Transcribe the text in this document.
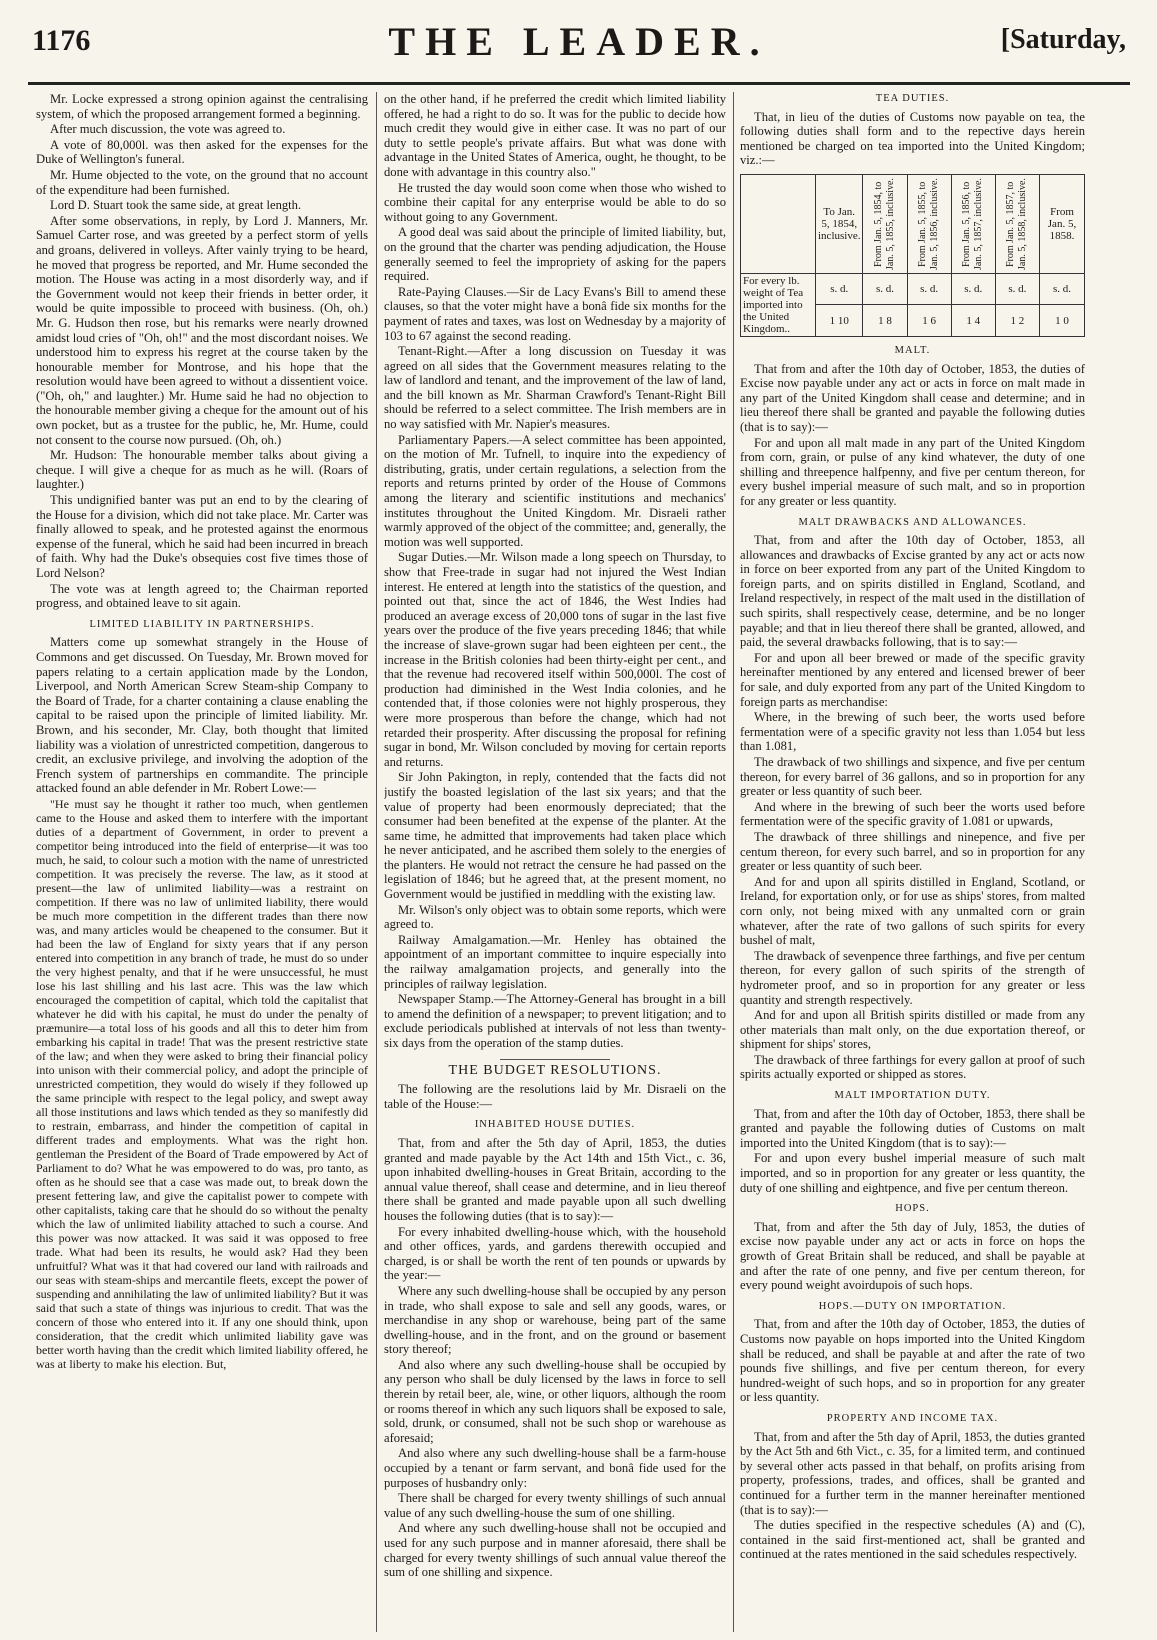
1176	THE LEADER.	[Saturday,

Mr. Locke expressed a strong opinion against the centralising system, of which the proposed arrangement formed a beginning.

After much discussion, the vote was agreed to.

A vote of 80,000l. was then asked for the expenses for the Duke of Wellington's funeral.

Mr. Hume objected to the vote, on the ground that no account of the expenditure had been furnished.

Lord D. Stuart took the same side, at great length.

After some observations, in reply, by Lord J. Manners, Mr. Samuel Carter rose, and was greeted by a perfect storm of yells and groans, delivered in volleys. After vainly trying to be heard, he moved that progress be reported, and Mr. Hume seconded the motion. The House was acting in a most disorderly way, and if the Government would not keep their friends in better order, it would be quite impossible to proceed with business. (Oh, oh.) Mr. G. Hudson then rose, but his remarks were nearly drowned amidst loud cries of "Oh, oh!" and the most discordant noises. We understood him to express his regret at the course taken by the honourable member for Montrose, and his hope that the resolution would have been agreed to without a dissentient voice. ("Oh, oh," and laughter.) Mr. Hume said he had no objection to the honourable member giving a cheque for the amount out of his own pocket, but as a trustee for the public, he, Mr. Hume, could not consent to the course now pursued. (Oh, oh.)

Mr. Hudson: The honourable member talks about giving a cheque. I will give a cheque for as much as he will. (Roars of laughter.)

This undignified banter was put an end to by the clearing of the House for a division, which did not take place. Mr. Carter was finally allowed to speak, and he protested against the enormous expense of the funeral, which he said had been incurred in breach of faith. Why had the Duke's obsequies cost five times those of Lord Nelson?

The vote was at length agreed to; the Chairman reported progress, and obtained leave to sit again.

LIMITED LIABILITY IN PARTNERSHIPS.

Matters come up somewhat strangely in the House of Commons and get discussed. On Tuesday, Mr. Brown moved for papers relating to a certain application made by the London, Liverpool, and North American Screw Steam-ship Company to the Board of Trade, for a charter containing a clause enabling the capital to be raised upon the principle of limited liability. Mr. Brown, and his seconder, Mr. Clay, both thought that limited liability was a violation of unrestricted competition, dangerous to credit, an exclusive privilege, and involving the adoption of the French system of partnerships en commandite. The principle attacked found an able defender in Mr. Robert Lowe:—

"He must say he thought it rather too much, when gentlemen came to the House and asked them to interfere with the important duties of a department of Government, in order to prevent a competitor being introduced into the field of enterprise—it was too much, he said, to colour such a motion with the name of unrestricted competition. It was precisely the reverse. The law, as it stood at present—the law of unlimited liability—was a restraint on competition. If there was no law of unlimited liability, there would be much more competition in the different trades than there now was, and many articles would be cheapened to the consumer. But it had been the law of England for sixty years that if any person entered into competition in any branch of trade, he must do so under the very highest penalty, and that if he were unsuccessful, he must lose his last shilling and his last acre. This was the law which encouraged the competition of capital, which told the capitalist that whatever he did with his capital, he must do under the penalty of præmunire—a total loss of his goods and all this to deter him from embarking his capital in trade! That was the present restrictive state of the law; and when they were asked to bring their financial policy into unison with their commercial policy, and adopt the principle of unrestricted competition, they would do wisely if they followed up the same principle with respect to the legal policy, and swept away all those institutions and laws which tended as they so manifestly did to restrain, embarrass, and hinder the competition of capital in different trades and employments. What was the right hon. gentleman the President of the Board of Trade empowered by Act of Parliament to do? What he was empowered to do was, pro tanto, as often as he should see that a case was made out, to break down the present fettering law, and give the capitalist power to compete with other capitalists, taking care that he should do so without the penalty which the law of unlimited liability attached to such a course. And this power was now attacked. It was said it was opposed to free trade. What had been its results, he would ask? Had they been unfruitful? What was it that had covered our land with railroads and our seas with steam-ships and mercantile fleets, except the power of suspending and annihilating the law of unlimited liability? But it was said that such a state of things was injurious to credit. That was the concern of those who entered into it. If any one should think, upon consideration, that the credit which unlimited liability gave was better worth having than the credit which limited liability offered, he was at liberty to make his election. But,

on the other hand, if he preferred the credit which limited liability offered, he had a right to do so. It was for the public to decide how much credit they would give in either case. It was no part of our duty to settle people's private affairs. But what was done with advantage in the United States of America, ought, he thought, to be done with advantage in this country also."

He trusted the day would soon come when those who wished to combine their capital for any enterprise would be able to do so without going to any Government.

A good deal was said about the principle of limited liability, but, on the ground that the charter was pending adjudication, the House generally seemed to feel the impropriety of asking for the papers required.

Rate-Paying Clauses.—Sir de Lacy Evans's Bill to amend these clauses, so that the voter might have a bonâ fide six months for the payment of rates and taxes, was lost on Wednesday by a majority of 103 to 67 against the second reading.

Tenant-Right.—After a long discussion on Tuesday it was agreed on all sides that the Government measures relating to the law of landlord and tenant, and the improvement of the law of land, and the bill known as Mr. Sharman Crawford's Tenant-Right Bill should be referred to a select committee. The Irish members are in no way satisfied with Mr. Napier's measures.

Parliamentary Papers.—A select committee has been appointed, on the motion of Mr. Tufnell, to inquire into the expediency of distributing, gratis, under certain regulations, a selection from the reports and returns printed by order of the House of Commons among the literary and scientific institutions and mechanics' institutes throughout the United Kingdom. Mr. Disraeli rather warmly approved of the object of the committee; and, generally, the motion was well supported.

Sugar Duties.—Mr. Wilson made a long speech on Thursday, to show that Free-trade in sugar had not injured the West Indian interest. He entered at length into the statistics of the question, and pointed out that, since the act of 1846, the West Indies had produced an average excess of 20,000 tons of sugar in the last five years over the produce of the five years preceding 1846; that while the increase of slave-grown sugar had been eighteen per cent., the increase in the British colonies had been thirty-eight per cent., and that the revenue had recovered itself within 500,000l. The cost of production had diminished in the West India colonies, and he contended that, if those colonies were not highly prosperous, they were more prosperous than before the change, which had not retarded their prosperity. After discussing the proposal for refining sugar in bond, Mr. Wilson concluded by moving for certain reports and returns.

Sir John Pakington, in reply, contended that the facts did not justify the boasted legislation of the last six years; and that the value of property had been enormously depreciated; that the consumer had been benefited at the expense of the planter. At the same time, he admitted that improvements had taken place which he never anticipated, and he ascribed them solely to the energies of the planters. He would not retract the censure he had passed on the legislation of 1846; but he agreed that, at the present moment, no Government would be justified in meddling with the existing law.

Mr. Wilson's only object was to obtain some reports, which were agreed to.

Railway Amalgamation.—Mr. Henley has obtained the appointment of an important committee to inquire especially into the railway amalgamation projects, and generally into the principles of railway legislation.

Newspaper Stamp.—The Attorney-General has brought in a bill to amend the definition of a newspaper; to prevent litigation; and to exclude periodicals published at intervals of not less than twenty-six days from the operation of the stamp duties.

THE BUDGET RESOLUTIONS.

The following are the resolutions laid by Mr. Disraeli on the table of the House:—

INHABITED HOUSE DUTIES.

That, from and after the 5th day of April, 1853, the duties granted and made payable by the Act 14th and 15th Vict., c. 36, upon inhabited dwelling-houses in Great Britain, according to the annual value thereof, shall cease and determine, and in lieu thereof there shall be granted and made payable upon all such dwelling houses the following duties (that is to say):—

For every inhabited dwelling-house which, with the household and other offices, yards, and gardens therewith occupied and charged, is or shall be worth the rent of ten pounds or upwards by the year:—

Where any such dwelling-house shall be occupied by any person in trade, who shall expose to sale and sell any goods, wares, or merchandise in any shop or warehouse, being part of the same dwelling-house, and in the front, and on the ground or basement story thereof;

And also where any such dwelling-house shall be occupied by any person who shall be duly licensed by the laws in force to sell therein by retail beer, ale, wine, or other liquors, although the room or rooms thereof in which any such liquors shall be exposed to sale, sold, drunk, or consumed, shall not be such shop or warehouse as aforesaid;

And also where any such dwelling-house shall be a farm-house occupied by a tenant or farm servant, and bonâ fide used for the purposes of husbandry only:

There shall be charged for every twenty shillings of such annual value of any such dwelling-house the sum of one shilling.

And where any such dwelling-house shall not be occupied and used for any such purpose and in manner aforesaid, there shall be charged for every twenty shillings of such annual value thereof the sum of one shilling and sixpence.

TEA DUTIES.

That, in lieu of the duties of Customs now payable on tea, the following duties shall form and to the repective days herein mentioned be charged on tea imported into the United Kingdom; viz.:—

	To Jan. 5, 1854, inclusive.	From Jan. 5, 1854, to Jan. 5, 1855, inclusive.	From Jan. 5, 1855, to Jan. 5, 1856, inclusive.	From Jan. 5, 1856, to Jan. 5, 1857, inclusive.	From Jan. 5, 1857, to Jan. 5, 1858, inclusive.	From Jan. 5, 1858.
For every lb. weight of Tea imported into the United Kingdom..	s. d.	s. d.	s. d.	s. d.	s. d.	s. d.
	1 10	1 8	1 6	1 4	1 2	1 0
MALT.

That from and after the 10th day of October, 1853, the duties of Excise now payable under any act or acts in force on malt made in any part of the United Kingdom shall cease and determine; and in lieu thereof there shall be granted and payable the following duties (that is to say):—

For and upon all malt made in any part of the United Kingdom from corn, grain, or pulse of any kind whatever, the duty of one shilling and threepence halfpenny, and five per centum thereon, for every bushel imperial measure of such malt, and so in proportion for any greater or less quantity.

MALT DRAWBACKS AND ALLOWANCES.

That, from and after the 10th day of October, 1853, all allowances and drawbacks of Excise granted by any act or acts now in force on beer exported from any part of the United Kingdom to foreign parts, and on spirits distilled in England, Scotland, and Ireland respectively, in respect of the malt used in the distillation of such spirits, shall respectively cease, determine, and be no longer payable; and that in lieu thereof there shall be granted, allowed, and paid, the several drawbacks following, that is to say:—

For and upon all beer brewed or made of the specific gravity hereinafter mentioned by any entered and licensed brewer of beer for sale, and duly exported from any part of the United Kingdom to foreign parts as merchandise:

Where, in the brewing of such beer, the worts used before fermentation were of a specific gravity not less than 1.054 but less than 1.081,

The drawback of two shillings and sixpence, and five per centum thereon, for every barrel of 36 gallons, and so in proportion for any greater or less quantity of such beer.

And where in the brewing of such beer the worts used before fermentation were of the specific gravity of 1.081 or upwards,

The drawback of three shillings and ninepence, and five per centum thereon, for every such barrel, and so in proportion for any greater or less quantity of such beer.

And for and upon all spirits distilled in England, Scotland, or Ireland, for exportation only, or for use as ships' stores, from malted corn only, not being mixed with any unmalted corn or grain whatever, after the rate of two gallons of such spirits for every bushel of malt,

The drawback of sevenpence three farthings, and five per centum thereon, for every gallon of such spirits of the strength of hydrometer proof, and so in proportion for any greater or less quantity and strength respectively.

And for and upon all British spirits distilled or made from any other materials than malt only, on the due exportation thereof, or shipment for ships' stores,

The drawback of three farthings for every gallon at proof of such spirits actually exported or shipped as stores.

MALT IMPORTATION DUTY.

That, from and after the 10th day of October, 1853, there shall be granted and payable the following duties of Customs on malt imported into the United Kingdom (that is to say):—

For and upon every bushel imperial measure of such malt imported, and so in proportion for any greater or less quantity, the duty of one shilling and eightpence, and five per centum thereon.

HOPS.

That, from and after the 5th day of July, 1853, the duties of excise now payable under any act or acts in force on hops the growth of Great Britain shall be reduced, and shall be payable at and after the rate of one penny, and five per centum thereon, for every pound weight avoirdupois of such hops.

HOPS.—DUTY ON IMPORTATION.

That, from and after the 10th day of October, 1853, the duties of Customs now payable on hops imported into the United Kingdom shall be reduced, and shall be payable at and after the rate of two pounds five shillings, and five per centum thereon, for every hundred-weight of such hops, and so in proportion for any greater or less quantity.

PROPERTY AND INCOME TAX.

That, from and after the 5th day of April, 1853, the duties granted by the Act 5th and 6th Vict., c. 35, for a limited term, and continued by several other acts passed in that behalf, on profits arising from property, professions, trades, and offices, shall be granted and continued for a further term in the manner hereinafter mentioned (that is to say):—

The duties specified in the respective schedules (A) and (C), contained in the said first-mentioned act, shall be granted and continued at the rates mentioned in the said schedules respectively.
